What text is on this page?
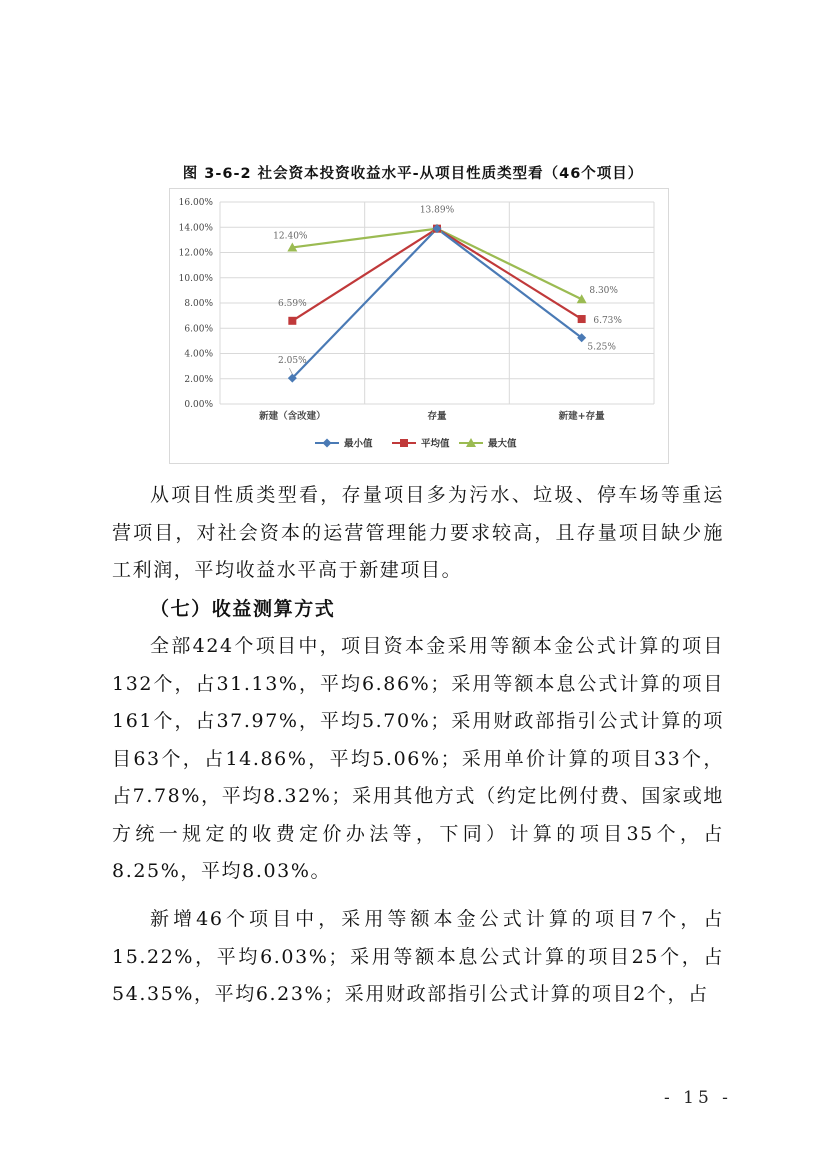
图 3-6-2 社会资本投资收益水平-从项目性质类型看（46个项目）
0.00%
2.00%
4.00%
6.00%
8.00%
10.00%
12.00%
14.00%
16.00%
新建（含改建）	存量	新建+存量
2.05%
5.25%
6.59%
6.73%
12.40%
13.89%
8.30%
最小值	平均值	最大值

从项目性质类型看，存量项目多为污水、垃圾、停车场等重运营项目，对社会资本的运营管理能力要求较高，且存量项目缺少施工利润，平均收益水平高于新建项目。

（七）收益测算方式

全部424个项目中，项目资本金采用等额本金公式计算的项目132个，占31.13%，平均6.86%；采用等额本息公式计算的项目161个，占37.97%，平均5.70%；采用财政部指引公式计算的项目63个，占14.86%，平均5.06%；采用单价计算的项目33个，占7.78%，平均8.32%；采用其他方式（约定比例付费、国家或地方统一规定的收费定价办法等，下同）计算的项目35个，占8.25%，平均8.03%。

新增46个项目中，采用等额本金公式计算的项目7个，占15.22%，平均6.03%；采用等额本息公式计算的项目25个，占54.35%，平均6.23%；采用财政部指引公式计算的项目2个，占

- 15 -
